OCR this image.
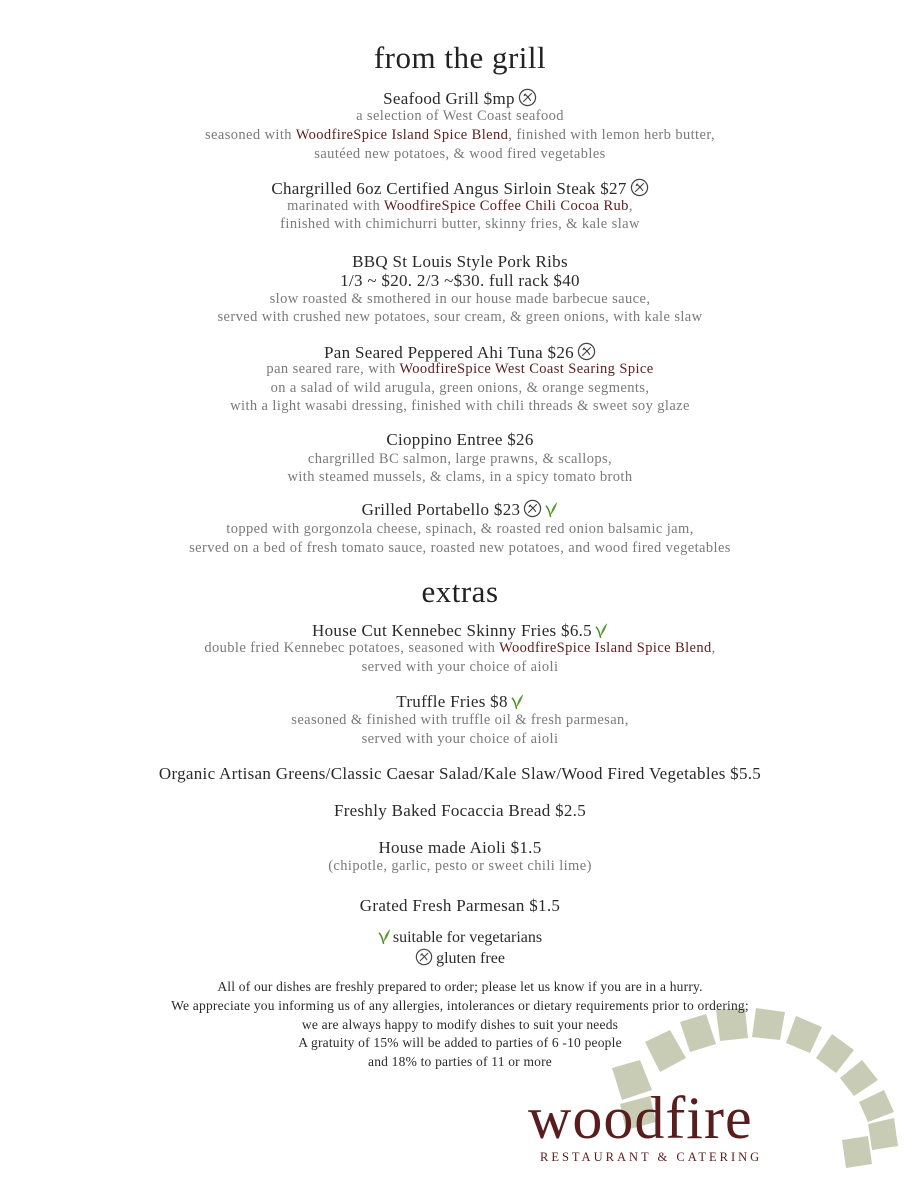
from the grill
Seafood Grill $mp
a selection of West Coast seafood
seasoned with WoodfireSpice Island Spice Blend, finished with lemon herb butter,
sautéed new potatoes, & wood fired vegetables
Chargrilled 6oz Certified Angus Sirloin Steak $27
marinated with WoodfireSpice Coffee Chili Cocoa Rub,
finished with chimichurri butter, skinny fries, & kale slaw
BBQ St Louis Style Pork Ribs
1/3 ~ $20. 2/3 ~$30. full rack $40
slow roasted & smothered in our house made barbecue sauce,
served with crushed new potatoes, sour cream, & green onions, with kale slaw
Pan Seared Peppered Ahi Tuna $26
pan seared rare, with WoodfireSpice West Coast Searing Spice
on a salad of wild arugula, green onions, & orange segments,
with a light wasabi dressing, finished with chili threads & sweet soy glaze
Cioppino Entree $26
chargrilled BC salmon, large prawns, & scallops,
with steamed mussels, & clams, in a spicy tomato broth
Grilled Portabello $23
topped with gorgonzola cheese, spinach, & roasted red onion balsamic jam,
served on a bed of fresh tomato sauce, roasted new potatoes, and wood fired vegetables
extras
House Cut Kennebec Skinny Fries $6.5
double fried Kennebec potatoes, seasoned with WoodfireSpice Island Spice Blend,
served with your choice of aioli
Truffle Fries $8
seasoned & finished with truffle oil & fresh parmesan,
served with your choice of aioli
Organic Artisan Greens/Classic Caesar Salad/Kale Slaw/Wood Fired Vegetables $5.5
Freshly Baked Focaccia Bread $2.5
House made Aioli $1.5
(chipotle, garlic, pesto or sweet chili lime)
Grated Fresh Parmesan $1.5
suitable for vegetarians
gluten free
All of our dishes are freshly prepared to order; please let us know if you are in a hurry.
We appreciate you informing us of any allergies, intolerances or dietary requirements prior to ordering;
we are always happy to modify dishes to suit your needs
A gratuity of 15% will be added to parties of 6 -10 people
and 18% to parties of 11 or more
woodfire
RESTAURANT & CATERING
